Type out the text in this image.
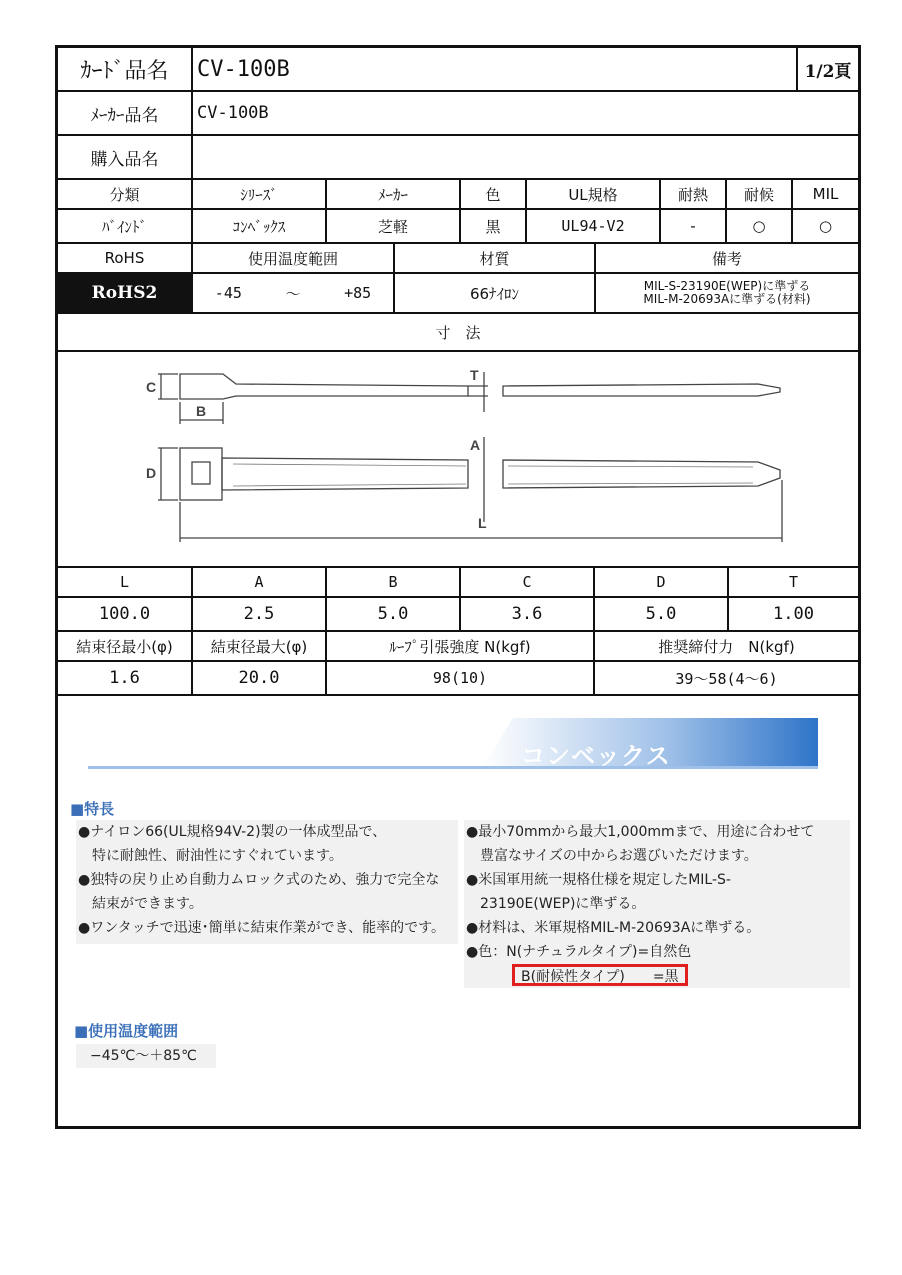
ｶｰﾄﾞ品名	CV-100B	1/2頁
ﾒｰｶｰ品名	CV-100B
購入品名
分類	ｼﾘｰｽﾞ	ﾒｰｶｰ	色	UL規格	耐熱	耐候	MIL
ﾊﾞｲﾝﾄﾞ	ｺﾝﾍﾞｯｸｽ	芝軽	黒	UL94-V2	-	○	○
RoHS	使用温度範囲	材質	備考
RoHS2	-45	～	+85	66ﾅｲﾛﾝ	MIL-S-23190E(WEP)に準ずる
MIL-M-20693Aに準ずる(材料)
寸　法
C
B
T
A
D
L
L	A	B	C	D	T
100.0	2.5	5.0	3.6	5.0	1.00
結束径最小(φ)	結束径最大(φ)	ﾙｰﾌﾟ引張強度 N(kgf)	推奨締付力　N(kgf)
1.6	20.0	98(10)	39～58(4～6)
コンベックス
■特長
●ナイロン66(UL規格94V-2)製の一体成型品で、
　特に耐蝕性、耐油性にすぐれています。
●独特の戻り止め自動力ムロック式のため、強力で完全な
　結束ができます。
●ワンタッチで迅速･簡単に結束作業ができ、能率的です。
●最小70mmから最大1,000mmまで、用途に合わせて
　豊富なサイズの中からお選びいただけます。
●米国軍用統一規格仕様を規定したMIL-S-
　23190E(WEP)に準ずる。
●材料は、米軍規格MIL-M-20693Aに準ずる。
●色：N(ナチュラルタイプ)=自然色
B(耐候性タイプ)　　=黒
■使用温度範囲
−45℃〜＋85℃
